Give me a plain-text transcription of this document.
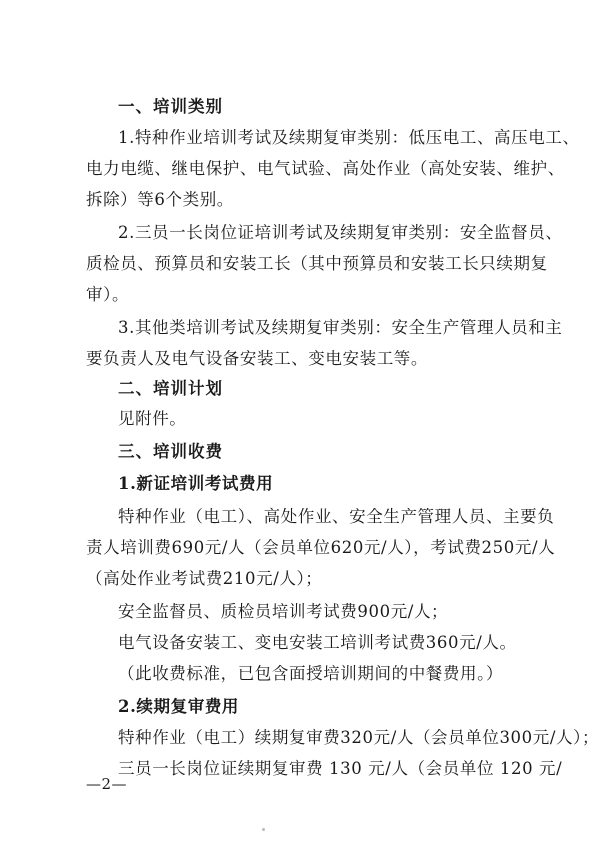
一、培训类别
1.特种作业培训考试及续期复审类别：低压电工、高压电工、
电力电缆、继电保护、电气试验、高处作业（高处安装、维护、
拆除）等6个类别。
2.三员一长岗位证培训考试及续期复审类别：安全监督员、
质检员、预算员和安装工长（其中预算员和安装工长只续期复
审）。
3.其他类培训考试及续期复审类别：安全生产管理人员和主
要负责人及电气设备安装工、变电安装工等。
二、培训计划
见附件。
三、培训收费
1.新证培训考试费用
特种作业（电工）、高处作业、安全生产管理人员、主要负
责人培训费690元/人（会员单位620元/人），考试费250元/人
（高处作业考试费210元/人）；
安全监督员、质检员培训考试费900元/人；
电气设备安装工、变电安装工培训考试费360元/人。
（此收费标准，已包含面授培训期间的中餐费用。）
2.续期复审费用
特种作业（电工）续期复审费320元/人（会员单位300元/人）；
三员一长岗位证续期复审费 130 元/人（会员单位 120 元/
—2—
